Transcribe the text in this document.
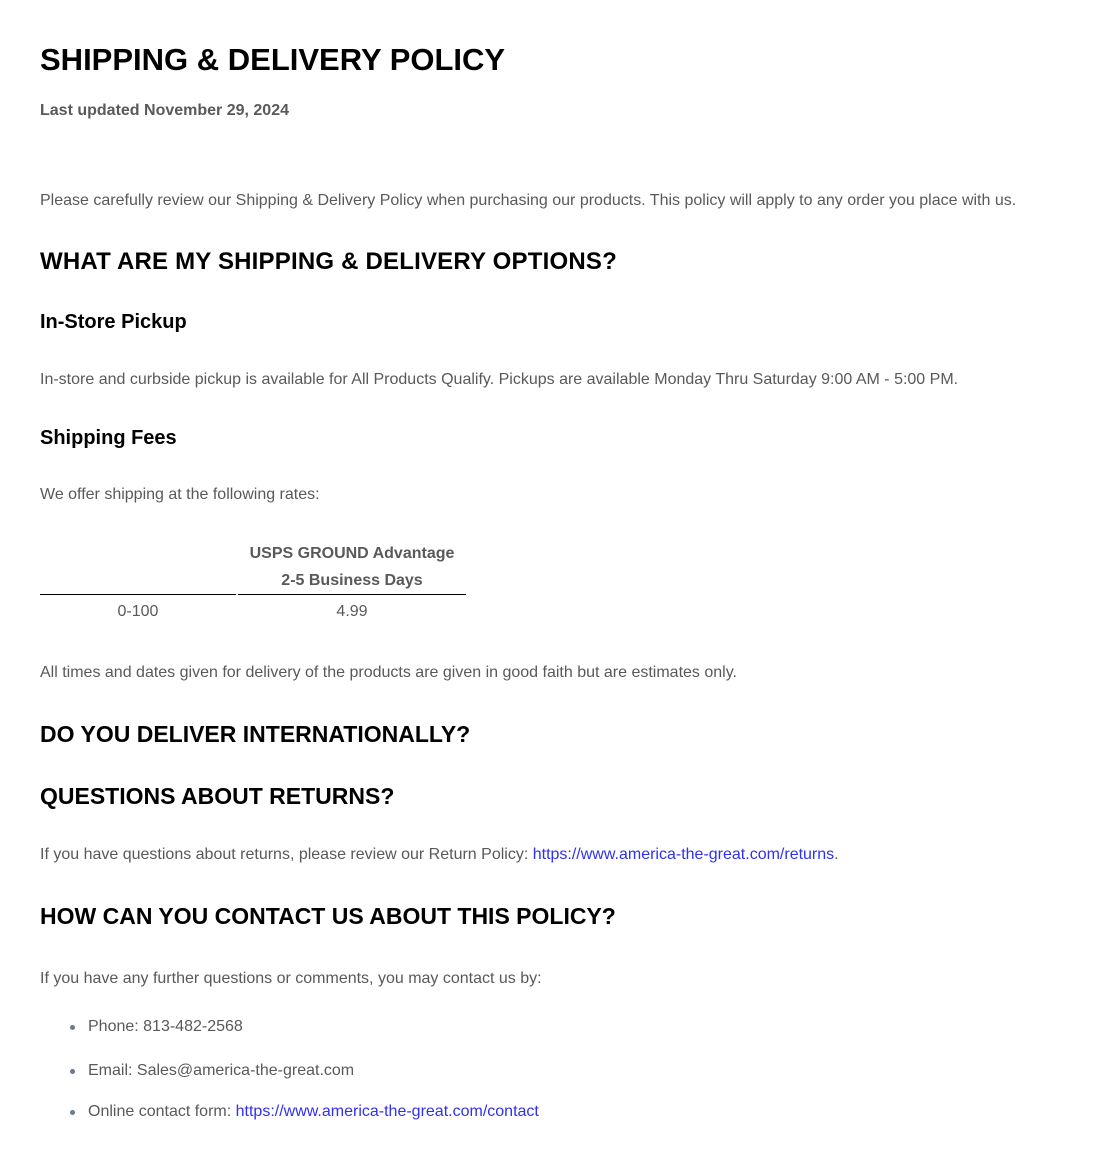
SHIPPING & DELIVERY POLICY

Last updated November 29, 2024

Please carefully review our Shipping & Delivery Policy when purchasing our products. This policy will apply to any order you place with us.

WHAT ARE MY SHIPPING & DELIVERY OPTIONS?
In-Store Pickup

In-store and curbside pickup is available for All Products Qualify. Pickups are available Monday Thru Saturday 9:00 AM - 5:00 PM.

Shipping Fees

We offer shipping at the following rates:

	USPS GROUND Advantage
2-5 Business Days

0-100	4.99

All times and dates given for delivery of the products are given in good faith but are estimates only.

DO YOU DELIVER INTERNATIONALLY?
QUESTIONS ABOUT RETURNS?

If you have questions about returns, please review our Return Policy: https://www.america-the-great.com/returns.

HOW CAN YOU CONTACT US ABOUT THIS POLICY?

If you have any further questions or comments, you may contact us by:

Phone: 813-482-2568
Email: Sales@america-the-great.com
Online contact form: https://www.america-the-great.com/contact
